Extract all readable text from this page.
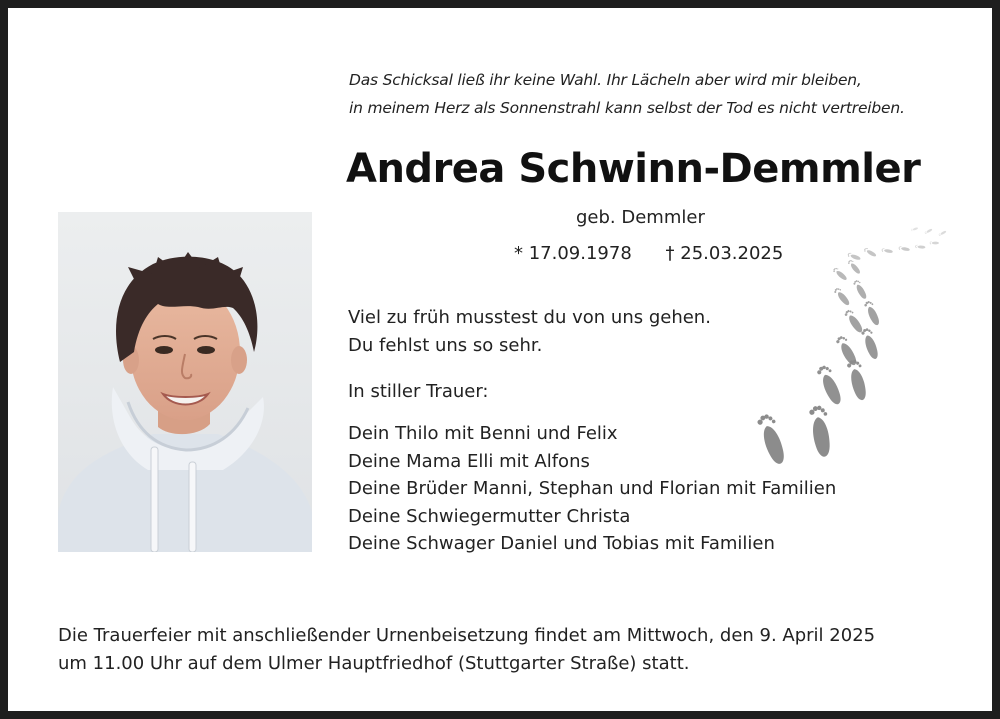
Das Schicksal ließ ihr keine Wahl. Ihr Lächeln aber wird mir bleiben,
in meinem Herz als Sonnenstrahl kann selbst der Tod es nicht vertreiben.
Andrea Schwinn-Demmler
geb. Demmler
* 17.09.1978 † 25.03.2025
Viel zu früh musstest du von uns gehen.
Du fehlst uns so sehr.
In stiller Trauer:
Dein Thilo mit Benni und Felix
Deine Mama Elli mit Alfons
Deine Brüder Manni, Stephan und Florian mit Familien
Deine Schwiegermutter Christa
Deine Schwager Daniel und Tobias mit Familien
Die Trauerfeier mit anschließender Urnenbeisetzung findet am Mittwoch, den 9. April 2025
um 11.00 Uhr auf dem Ulmer Hauptfriedhof (Stuttgarter Straße) statt.
